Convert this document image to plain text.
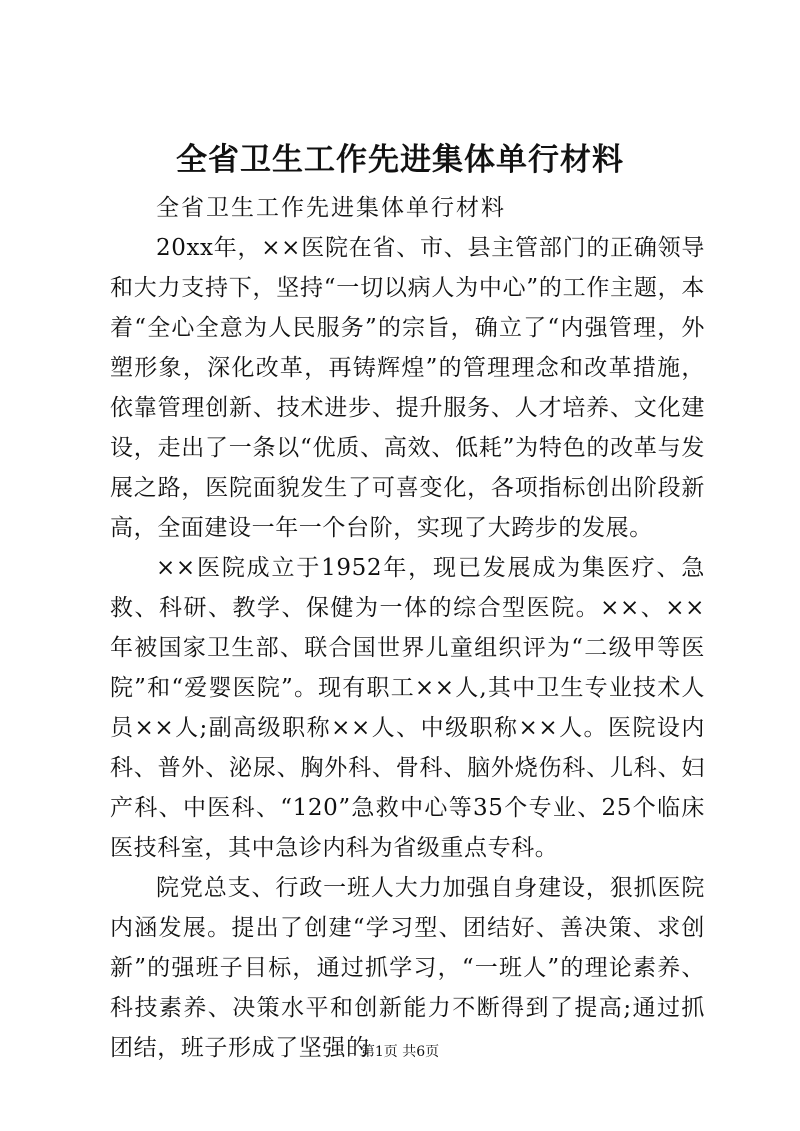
全省卫生工作先进集体单行材料

全省卫生工作先进集体单行材料

20xx年，××医院在省、市、县主管部门的正确领导和大力支持下，坚持“一切以病人为中心”的工作主题，本着“全心全意为人民服务”的宗旨，确立了“内强管理，外塑形象，深化改革，再铸辉煌”的管理理念和改革措施，依靠管理创新、技术进步、提升服务、人才培养、文化建设，走出了一条以“优质、高效、低耗”为特色的改革与发展之路，医院面貌发生了可喜变化，各项指标创出阶段新高，全面建设一年一个台阶，实现了大跨步的发展。

××医院成立于1952年，现已发展成为集医疗、急救、科研、教学、保健为一体的综合型医院。××、××年被国家卫生部、联合国世界儿童组织评为“二级甲等医院”和“爱婴医院”。现有职工××人,其中卫生专业技术人员××人;副高级职称××人、中级职称××人。医院设内科、普外、泌尿、胸外科、骨科、脑外烧伤科、儿科、妇产科、中医科、“120”急救中心等35个专业、25个临床医技科室，其中急诊内科为省级重点专科。

院党总支、行政一班人大力加强自身建设，狠抓医院内涵发展。提出了创建“学习型、团结好、善决策、求创新”的强班子目标，通过抓学习，“一班人”的理论素养、科技素养、决策水平和创新能力不断得到了提高;通过抓团结，班子形成了坚强的

第1页 共6页
